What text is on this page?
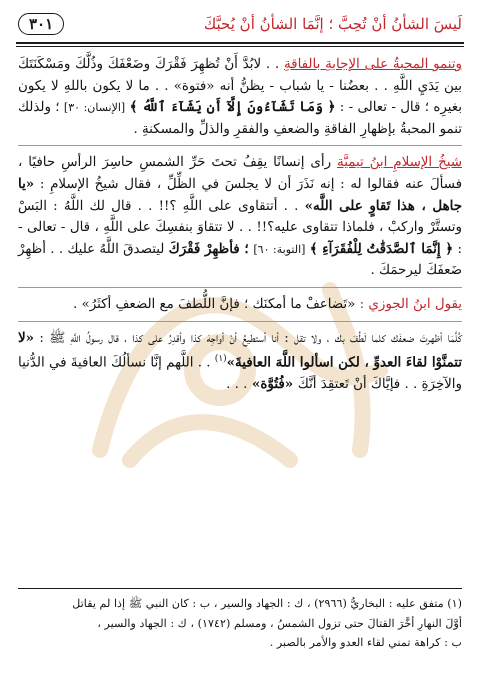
لَيسَ الشأنُ أنْ تُحِبَّ ؛ إنَّمَا الشأنُ أنْ يُحبَّكَ
٣٠١

وتنمو المحبةُ على الإجابةِ بالفاقةِ . . لابُدَّ أَنْ تُظهِرَ فَقْرَكَ وضَعْفَكَ وذُلَّكَ ومَسْكَنَتَكَ بين يَدَيِ اللَّهِ . . بعضُنا - يا شباب - يظنُّ أنه «فتوة» . . ما لا يكون باللهِ لا يكون بغيرِه ؛ قال - تعالى - : ﴿ وَمَا تَشَآءُونَ إِلَّآ أَن يَشَآءَ ٱللَّهُ ﴾ [الإنسان: ٣٠] ؛ ولذلك تنمو المحبةُ بإظهارِ الفاقةِ والضعفِ والفقرِ والذلِّ والمسكنةِ .

شيخُ الإسلامِ ابنُ تيميَّة رأى إنسانًا يقِفُ تحتَ حَرِّ الشمسِ حاسِرَ الرأسِ حافيًا ، فسألَ عنه فقالوا له : إنه نَذَرَ أن لا يجلسَ في الظِّلِّ ، فقال شيخُ الإسلامِ : «يا جاهل ، هذا تَقاوٍ على اللَّه» . . أتتقاوى على اللَّهِ ؟!! . . قال لك اللَّهُ : البَسْ وتستَّرْ واركبْ ، فلماذا تتقاوى عليه؟!! . . لا تتقاوَ بنفسِكَ على اللَّهِ ، قال - تعالى - : ﴿ إِنَّمَا ٱلصَّدَقَٰتُ لِلْفُقَرَآءِ ﴾ [التوبة: ٦٠] ؛ فأظهِرْ فَقْرَكَ ليتصدقَ اللَّهُ عليك . . أظهِرْ ضَعفَكَ ليرحمَكَ .

يقول ابنُ الجوزي : «تَضاعفْ ما أمكنَك ؛ فإنَّ اللُّطفَ مع الضعفِ أكثَرُ» .

كُلَّمَا أظهرتَ ضعفَك كلما لَطُفَ بك ، ولا تقل : أنا أستطيعُ أنْ أواجِهَ كذا وأقدِرُ على كذا ، قال رسولُ اللَّهِ ﷺ : «لا تتمنَّوْا لقاءَ العدوِّ ، لكن اسألوا اللَّهَ العافيةَ»$^{(١)}$ . . اللَّهم إنَّا نسألُكَ العافيةَ في الدُّنيا والآخِرَةِ . . فإيَّاكَ أنْ تَعتقِدَ أنَّكَ «فُتُوَّة» . . .

(١) متفق عليه : البخاريُّ (٢٩٦٦) ، ك : الجهاد والسير ، ب : كان النبي ﷺ إذا لم يقاتل

أوَّلَ النهارِ أخَّرَ القتالَ حتى تزول الشمسُ ، ومسلم (١٧٤٢) ، ك : الجهاد والسير ،

ب : كراهة تمني لقاء العدو والأمر بالصبر .
